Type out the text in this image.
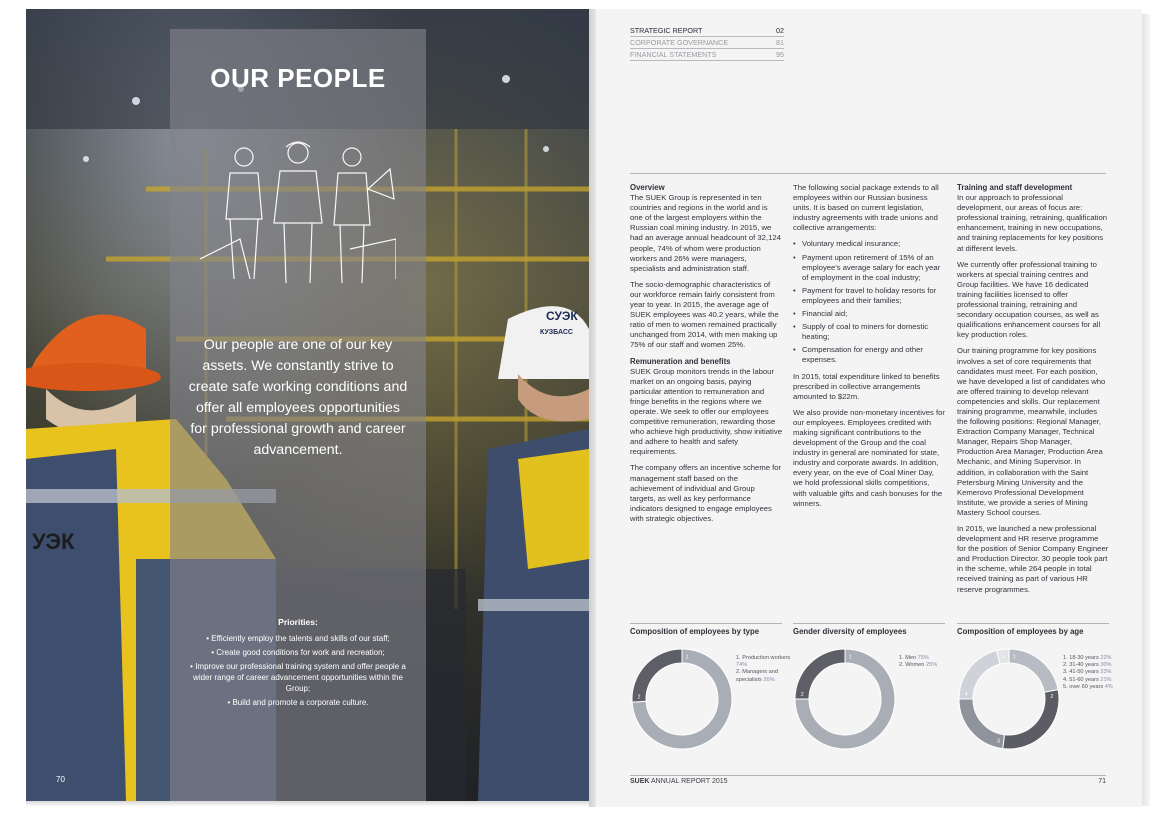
УЭК
СУЭК
КУЗБАСС
OUR PEOPLE
Our people are one of our key assets. We constantly strive to create safe working conditions and offer all employees opportunities for professional growth and career advancement.
Priorities:
• Efficiently employ the talents and skills of our staff;
• Create good conditions for work and recreation;
• Improve our professional training system and offer people a wider range of career advancement opportunities within the Group;
• Build and promote a corporate culture.
70
STRATEGIC REPORT	02
CORPORATE GOVERNANCE	81
FINANCIAL STATEMENTS	95
Overview

The SUEK Group is represented in ten countries and regions in the world and is one of the largest employers within the Russian coal mining industry. In 2015, we had an average annual headcount of 32,124 people, 74% of whom were production workers and 26% were managers, specialists and administration staff.

The socio-demographic characteristics of our workforce remain fairly consistent from year to year. In 2015, the average age of SUEK employees was 40.2 years, while the ratio of men to women remained practically unchanged from 2014, with men making up 75% of our staff and women 25%.

Remuneration and benefits

SUEK Group monitors trends in the labour market on an ongoing basis, paying particular attention to remuneration and fringe benefits in the regions where we operate. We seek to offer our employees competitive remuneration, rewarding those who achieve high productivity, show initiative and adhere to health and safety requirements.

The company offers an incentive scheme for management staff based on the achievement of individual and Group targets, as well as key performance indicators designed to engage employees with strategic objectives.

The following social package extends to all employees within our Russian business units. It is based on current legislation, industry agreements with trade unions and collective arrangements:

• Voluntary medical insurance;
• Payment upon retirement of 15% of an employee's average salary for each year of employment in the coal industry;
• Payment for travel to holiday resorts for employees and their families;
• Financial aid;
• Supply of coal to miners for domestic heating;
• Compensation for energy and other expenses.

In 2015, total expenditure linked to benefits prescribed in collective arrangements amounted to $22m.

We also provide non-monetary incentives for our employees. Employees credited with making significant contributions to the development of the Group and the coal industry in general are nominated for state, industry and corporate awards. In addition, every year, on the eve of Coal Miner Day, we hold professional skills competitions, with valuable gifts and cash bonuses for the winners.

Training and staff development

In our approach to professional development, our areas of focus are: professional training, retraining, qualification enhancement, training in new occupations, and training replacements for key positions at different levels.

We currently offer professional training to workers at special training centres and Group facilities. We have 16 dedicated training facilities licensed to offer professional training, retraining and secondary occupation courses, as well as qualifications enhancement courses for all key production roles.

Our training programme for key positions involves a set of core requirements that candidates must meet. For each position, we have developed a list of candidates who are offered training to develop relevant competencies and skills. Our replacement training programme, meanwhile, includes the following positions: Regional Manager, Extraction Company Manager, Technical Manager, Repairs Shop Manager, Production Area Manager, Production Area Mechanic, and Mining Supervisor. In addition, in collaboration with the Saint Petersburg Mining University and the Kemerovo Professional Development Institute, we provide a series of Mining Mastery School courses.

In 2015, we launched a new professional development and HR reserve programme for the position of Senior Company Engineer and Production Director. 30 people took part in the scheme, while 264 people in total received training as part of various HR reserve programmes.

Composition of employees by type
1
2
1. Production workers 74%
2. Managers and specialists 26%
Gender diversity of employees
1
2
1. Men 75%
2. Women 25%
Composition of employees by age
1
2
3
4
5	1. 18-30 years 22%
2. 31-40 years 30%
3. 41-50 years 23%
4. 51-60 years 21%
5. over 60 years 4%
SUEK ANNUAL REPORT 2015	71
